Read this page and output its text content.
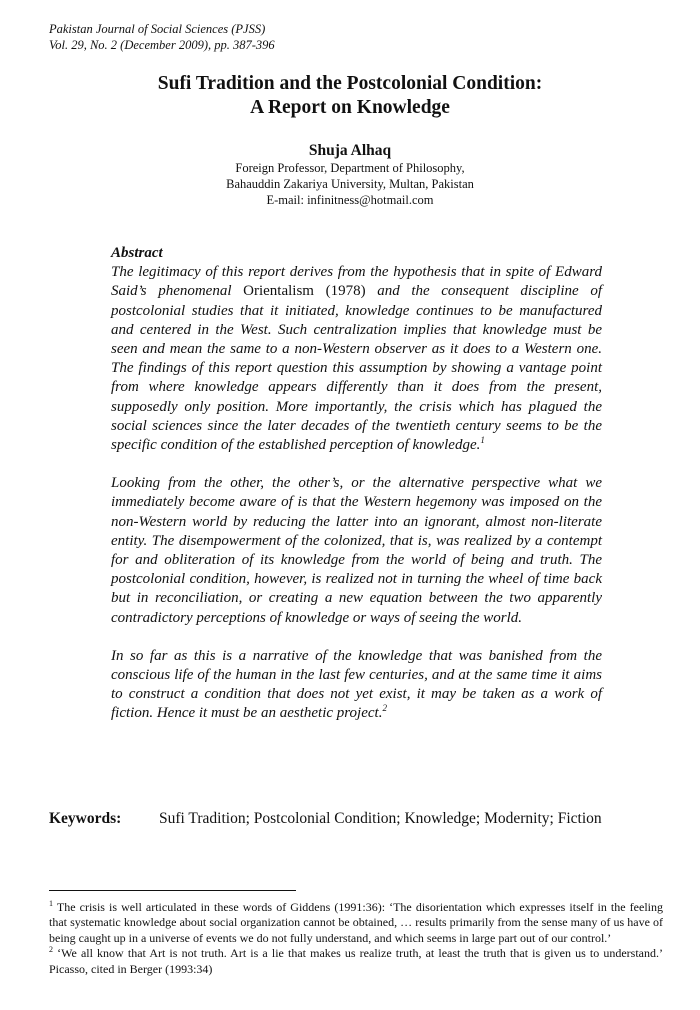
Pakistan Journal of Social Sciences (PJSS)
Vol. 29, No. 2 (December 2009), pp. 387-396
Sufi Tradition and the Postcolonial Condition:
A Report on Knowledge
Shuja Alhaq
Foreign Professor, Department of Philosophy,
Bahauddin Zakariya University, Multan, Pakistan
E-mail: infinitness@hotmail.com
Abstract

The legitimacy of this report derives from the hypothesis that in spite of Edward Said’s phenomenal Orientalism (1978) and the consequent discipline of postcolonial studies that it initiated, knowledge continues to be manufactured and centered in the West. Such centralization implies that knowledge must be seen and mean the same to a non-Western observer as it does to a Western one. The findings of this report question this assumption by showing a vantage point from where knowledge appears differently than it does from the present, supposedly only position. More importantly, the crisis which has plagued the social sciences since the later decades of the twentieth century seems to be the specific condition of the established perception of knowledge.$^1$

Looking from the other, the other’s, or the alternative perspective what we immediately become aware of is that the Western hegemony was imposed on the non-Western world by reducing the latter into an ignorant, almost non-literate entity. The disempowerment of the colonized, that is, was realized by a contempt for and obliteration of its knowledge from the world of being and truth. The postcolonial condition, however, is realized not in turning the wheel of time back but in reconciliation, or creating a new equation between the two apparently contradictory perceptions of knowledge or ways of seeing the world.

In so far as this is a narrative of the knowledge that was banished from the conscious life of the human in the last few centuries, and at the same time it aims to construct a condition that does not yet exist, it may be taken as a work of fiction. Hence it must be an aesthetic project.$^2$

Keywords: Sufi Tradition; Postcolonial Condition; Knowledge; Modernity; Fiction

$^1$ The crisis is well articulated in these words of Giddens (1991:36): ‘The disorientation which expresses itself in the feeling that systematic knowledge about social organization cannot be obtained, … results primarily from the sense many of us have of being caught up in a universe of events we do not fully understand, and which seems in large part out of our control.’

$^2$ ‘We all know that Art is not truth. Art is a lie that makes us realize truth, at least the truth that is given us to understand.’ Picasso, cited in Berger (1993:34)
